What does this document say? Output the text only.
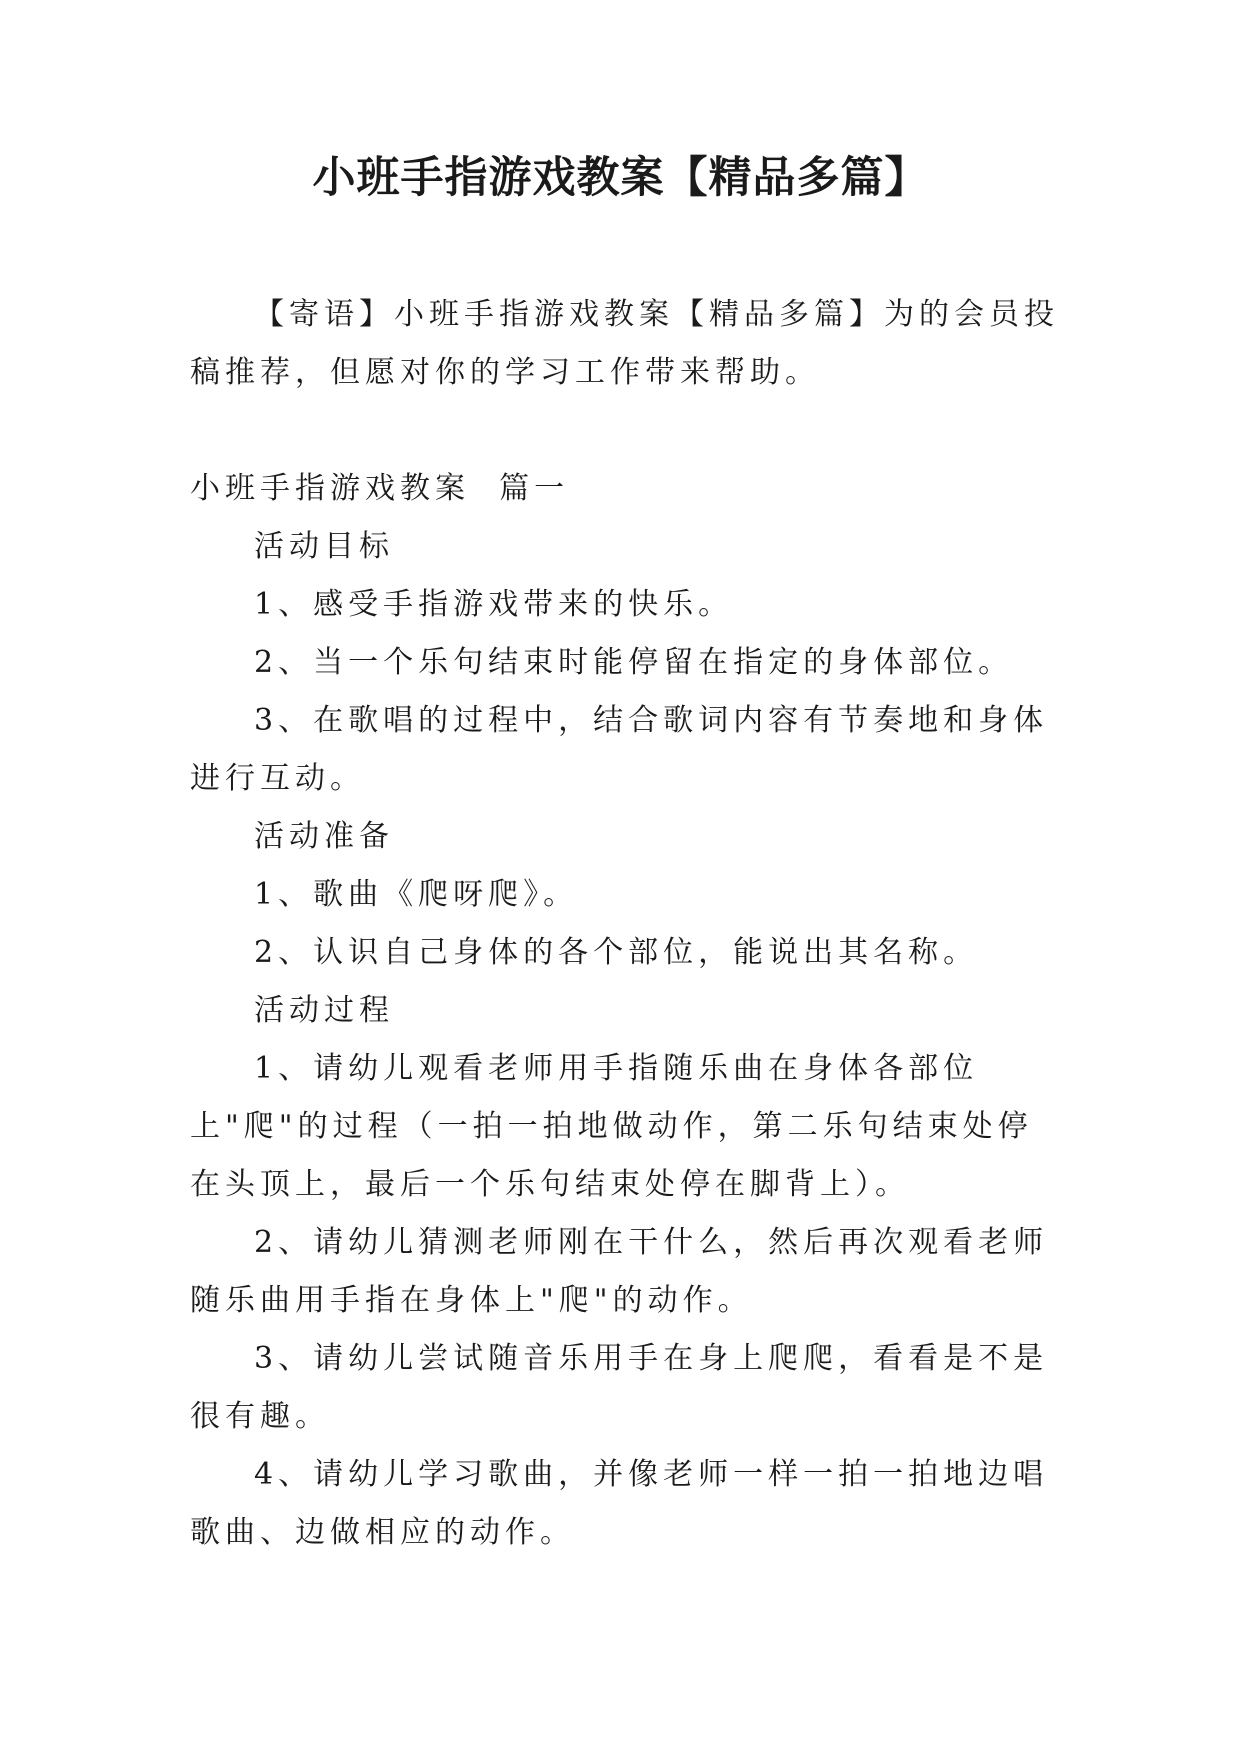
小班手指游戏教案【精品多篇】

【寄语】小班手指游戏教案【精品多篇】为的会员投稿推荐，但愿对你的学习工作带来帮助。

小班手指游戏教案  篇一

活动目标

1、感受手指游戏带来的快乐。

2、当一个乐句结束时能停留在指定的身体部位。

3、在歌唱的过程中，结合歌词内容有节奏地和身体进行互动。

活动准备

1、歌曲《爬呀爬》。

2、认识自己身体的各个部位，能说出其名称。

活动过程

1、请幼儿观看老师用手指随乐曲在身体各部位上"爬"的过程（一拍一拍地做动作，第二乐句结束处停在头顶上，最后一个乐句结束处停在脚背上）。

2、请幼儿猜测老师刚在干什么，然后再次观看老师随乐曲用手指在身体上"爬"的动作。

3、请幼儿尝试随音乐用手在身上爬爬，看看是不是很有趣。

4、请幼儿学习歌曲，并像老师一样一拍一拍地边唱歌曲、边做相应的动作。
